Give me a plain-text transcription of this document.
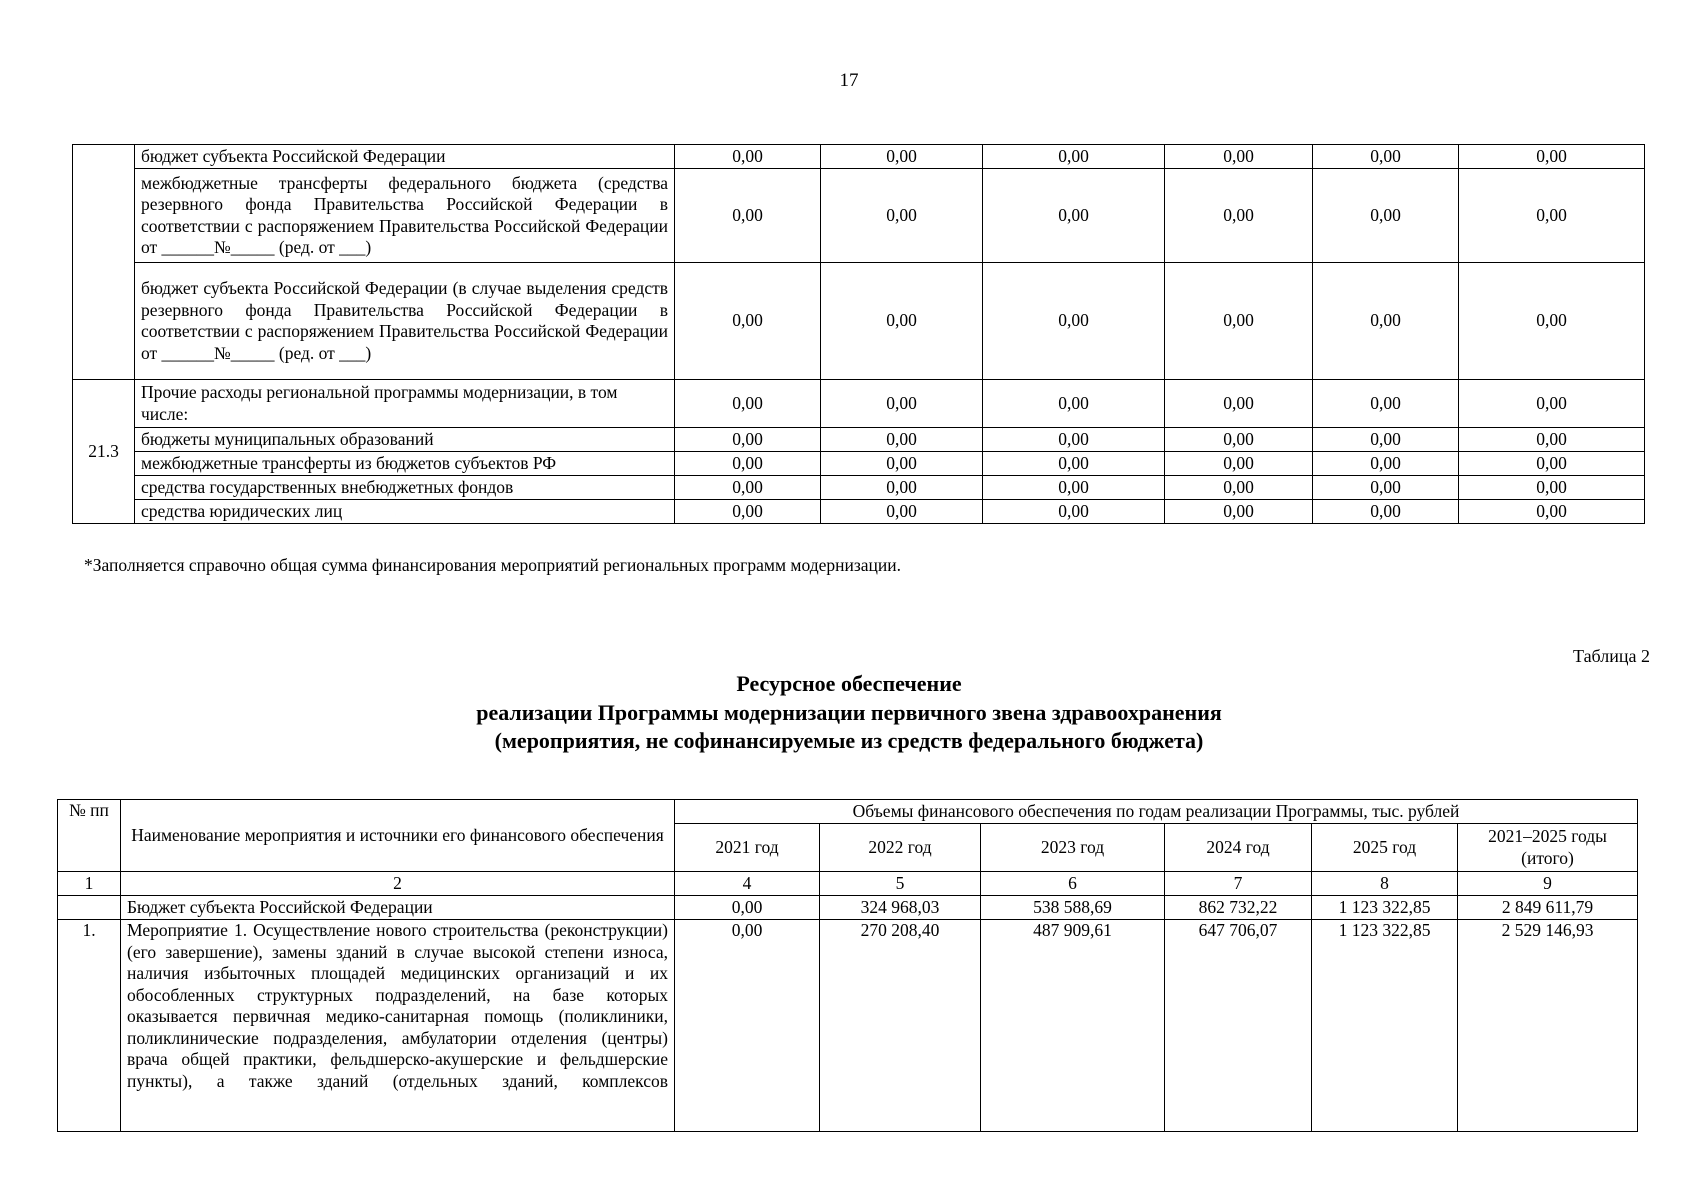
17
	бюджет субъекта Российской Федерации	0,00	0,00	0,00	0,00	0,00	0,00
	межбюджетные трансферты федерального бюджета (средства резервного фонда Правительства Российской Федерации в соответствии с распоряжением Правительства Российской Федерации от ______№_____ (ред. от ___)	0,00	0,00	0,00	0,00	0,00	0,00
	бюджет субъекта Российской Федерации (в случае выделения средств резервного фонда Правительства Российской Федерации в соответствии с распоряжением Правительства Российской Федерации от ______№_____ (ред. от ___)	0,00	0,00	0,00	0,00	0,00	0,00
21.3	Прочие расходы региональной программы модернизации, в том числе:	0,00	0,00	0,00	0,00	0,00	0,00
	бюджеты муниципальных образований	0,00	0,00	0,00	0,00	0,00	0,00
	межбюджетные трансферты из бюджетов субъектов РФ	0,00	0,00	0,00	0,00	0,00	0,00
	средства государственных внебюджетных фондов	0,00	0,00	0,00	0,00	0,00	0,00
	средства юридических лиц	0,00	0,00	0,00	0,00	0,00	0,00
*Заполняется справочно общая сумма финансирования мероприятий региональных программ модернизации.
Таблица 2
Ресурсное обеспечение
реализации Программы модернизации первичного звена здравоохранения
(мероприятия, не софинансируемые из средств федерального бюджета)
№ пп	Наименование мероприятия и источники его финансового обеспечения	Объемы финансового обеспечения по годам реализации Программы, тыс. рублей					
		2021 год	2022 год	2023 год	2024 год	2025 год	2021–2025 годы (итого)
1	2	4	5	6	7	8	9
	Бюджет субъекта Российской Федерации	0,00	324 968,03	538 588,69	862 732,22	1 123 322,85	2 849 611,79
1.	Мероприятие 1. Осуществление нового строительства (реконструкции) (его завершение), замены зданий в случае высокой степени износа, наличия избыточных площадей медицинских организаций и их обособленных структурных подразделений, на базе которых оказывается первичная медико-санитарная помощь (поликлиники, поликлинические подразделения, амбулатории отделения (центры) врача общей практики, фельдшерско-акушерские и фельдшерские пункты), а также зданий (отдельных зданий, комплексов	0,00	270 208,40	487 909,61	647 706,07	1 123 322,85	2 529 146,93
